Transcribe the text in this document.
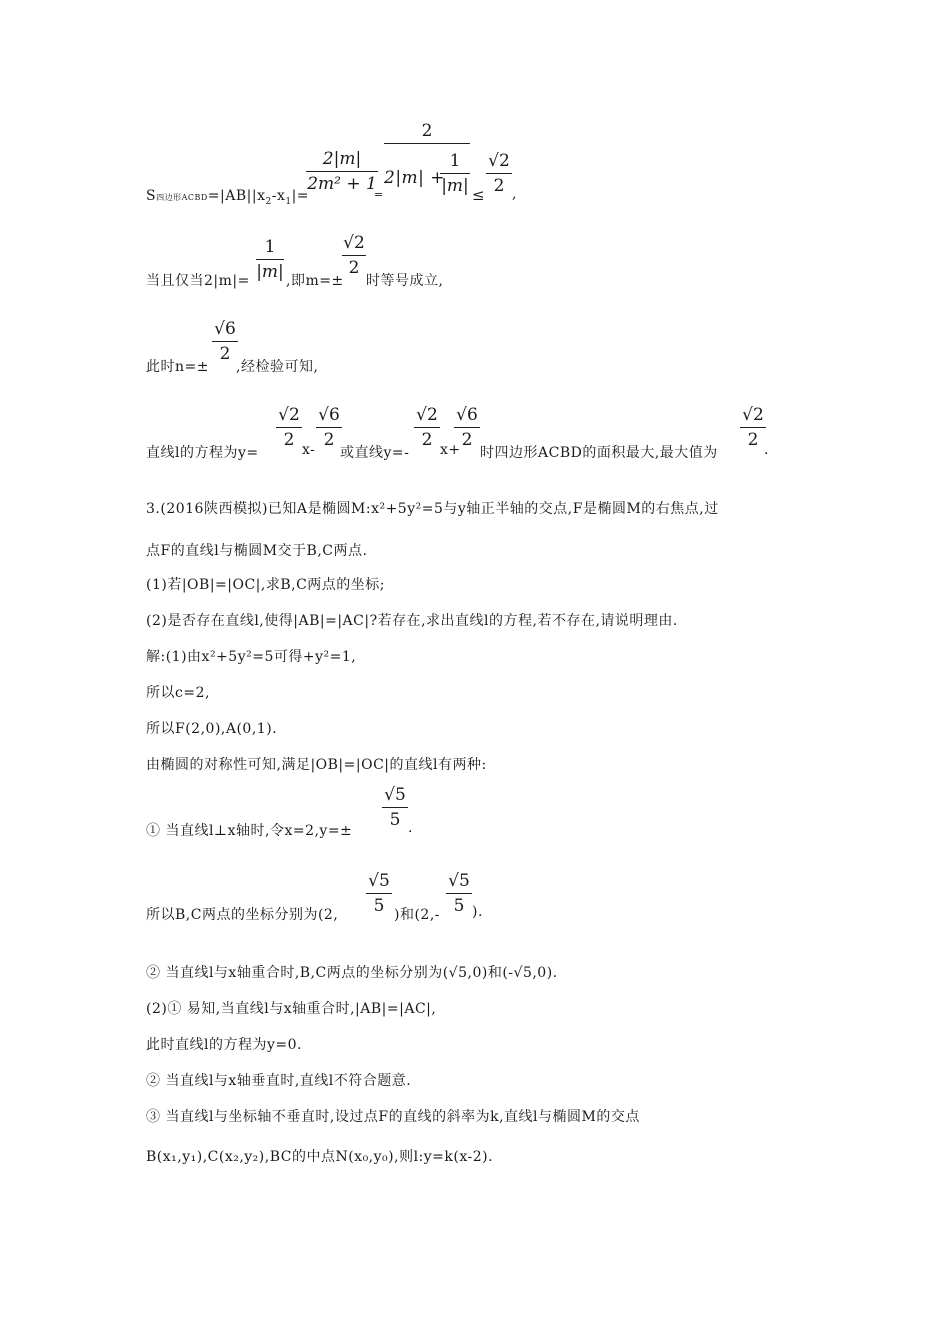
S四边形$ACBD=|AB||x_2-x_1|=$
2|m|
2m² + 1
=
2
2|m| +
1
|m| ≤
√2
2 ,
当且仅当2|m|=
1
|m| ,即m=±
√2
2
时等号成立,
此时n=±
√6
2
,经检验可知,
直线l的方程为y=
√2
2 x-
√6
2
或直线y=-
√2
2 x+
√6
2
时四边形ACBD的面积最大,最大值为
√2
2 .
3.(2016陕西模拟)已知A是椭圆M:x²+5y²=5与y轴正半轴的交点,F是椭圆M的右焦点,过
点F的直线l与椭圆M交于B,C两点.
(1)若|OB|=|OC|,求B,C两点的坐标;
(2)是否存在直线l,使得|AB|=|AC|?若存在,求出直线l的方程,若不存在,请说明理由.
解:(1)由x²+5y²=5可得+y²=1,
所以c=2,
所以F(2,0),A(0,1).
由椭圆的对称性可知,满足|OB|=|OC|的直线l有两种:
① 当直线l⊥x轴时,令x=2,y=±
√5
5 .
所以B,C两点的坐标分别为(2,
√5
5 )和(2,-
√5
5 ).
② 当直线l与x轴重合时,B,C两点的坐标分别为(√5,0)和(-√5,0).
(2)① 易知,当直线l与x轴重合时,|AB|=|AC|,
此时直线l的方程为y=0.
② 当直线l与x轴垂直时,直线l不符合题意.
③ 当直线l与坐标轴不垂直时,设过点F的直线的斜率为k,直线l与椭圆M的交点
B(x₁,y₁),C(x₂,y₂),BC的中点N(x₀,y₀),则l:y=k(x-2).
